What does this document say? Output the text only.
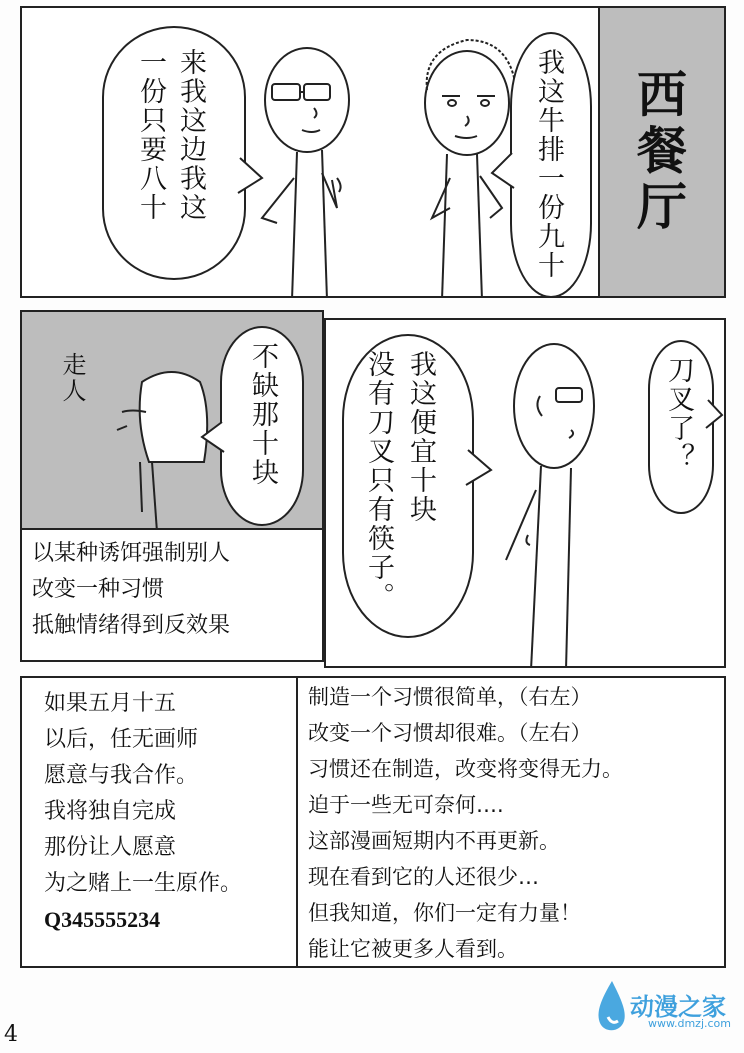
西餐厅
来我这边我这
一份只要八十	我这牛排一份九十
走人	不缺那十块
以某种诱饵强制别人
改变一种习惯
抵触情绪得到反效果
我这便宜十块
没有刀叉只有筷子。	刀叉了？
如果五月十五
以后，任无画师
愿意与我合作。
我将独自完成
那份让人愿意
为之赌上一生原作。
Q345555234
制造一个习惯很简单，（右左）
改变一个习惯却很难。（左右）
习惯还在制造，改变将变得无力。
迫于一些无可奈何….
这部漫画短期内不再更新。
现在看到它的人还很少…
但我知道，你们一定有力量！
能让它被更多人看到。
4
动漫之家
www.dmzj.com
